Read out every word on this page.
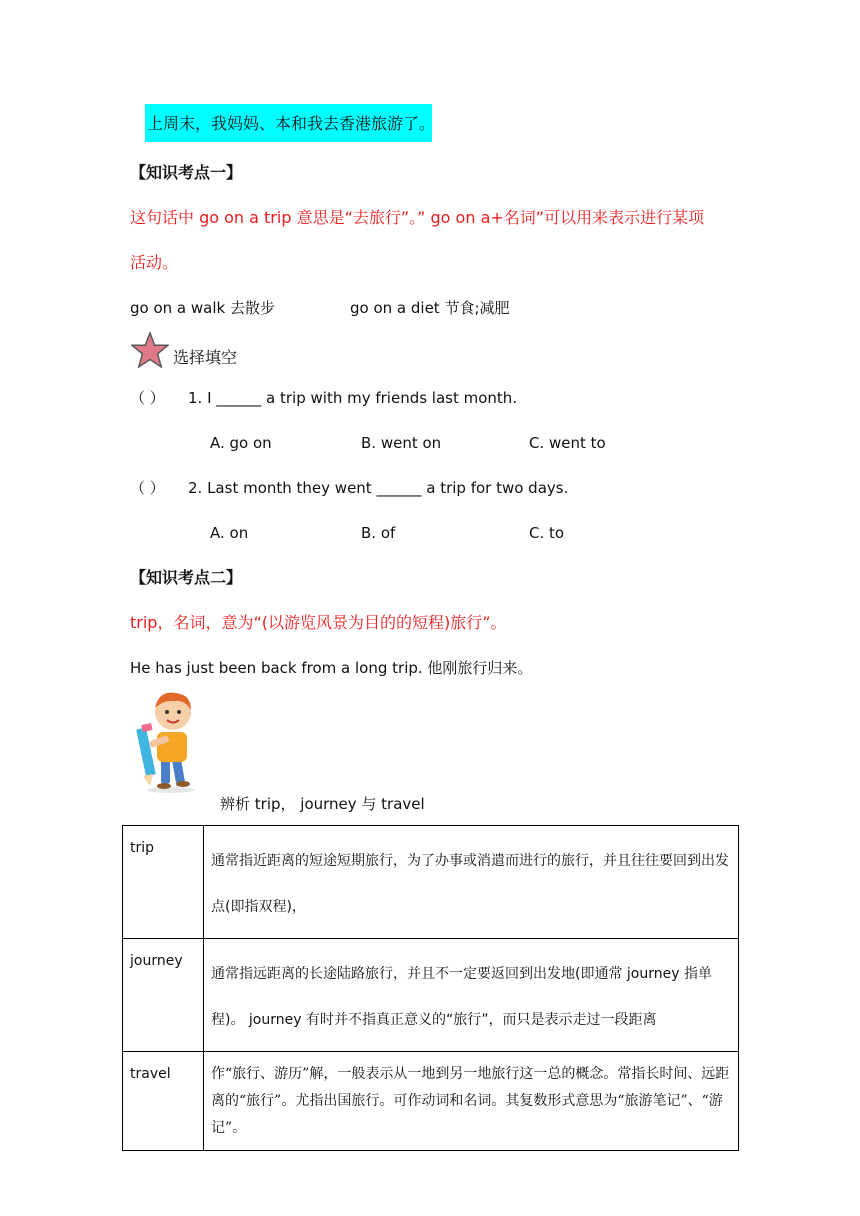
上周末，我妈妈、本和我去香港旅游了。
【知识考点一】
这句话中 go on a trip 意思是“去旅行”。” go on a+名词”可以用来表示进行某项
活动。
go on a walk 去散步	go on a diet 节食;减肥
选择填空
（ ） 1. I ______ a trip with my friends last month.
A. go on	B. went on	C. went to
（ ） 2. Last month they went ______ a trip for two days.
A. on	B. of	C. to
【知识考点二】
trip，名词，意为“(以游览风景为目的的短程)旅行”。
He has just been back from a long trip. 他刚旅行归来。
辨析 trip， journey 与 travel
trip	通常指近距离的短途短期旅行，为了办事或消遣而进行的旅行，并且往往要回到出发点(即指双程)，
journey	通常指远距离的长途陆路旅行，并且不一定要返回到出发地(即通常 journey 指单程)。 journey 有时并不指真正意义的“旅行”，而只是表示走过一段距离
travel	作“旅行、游历”解，一般表示从一地到另一地旅行这一总的概念。常指长时间、远距离的“旅行”。尤指出国旅行。可作动词和名词。其复数形式意思为“旅游笔记”、“游记”。
